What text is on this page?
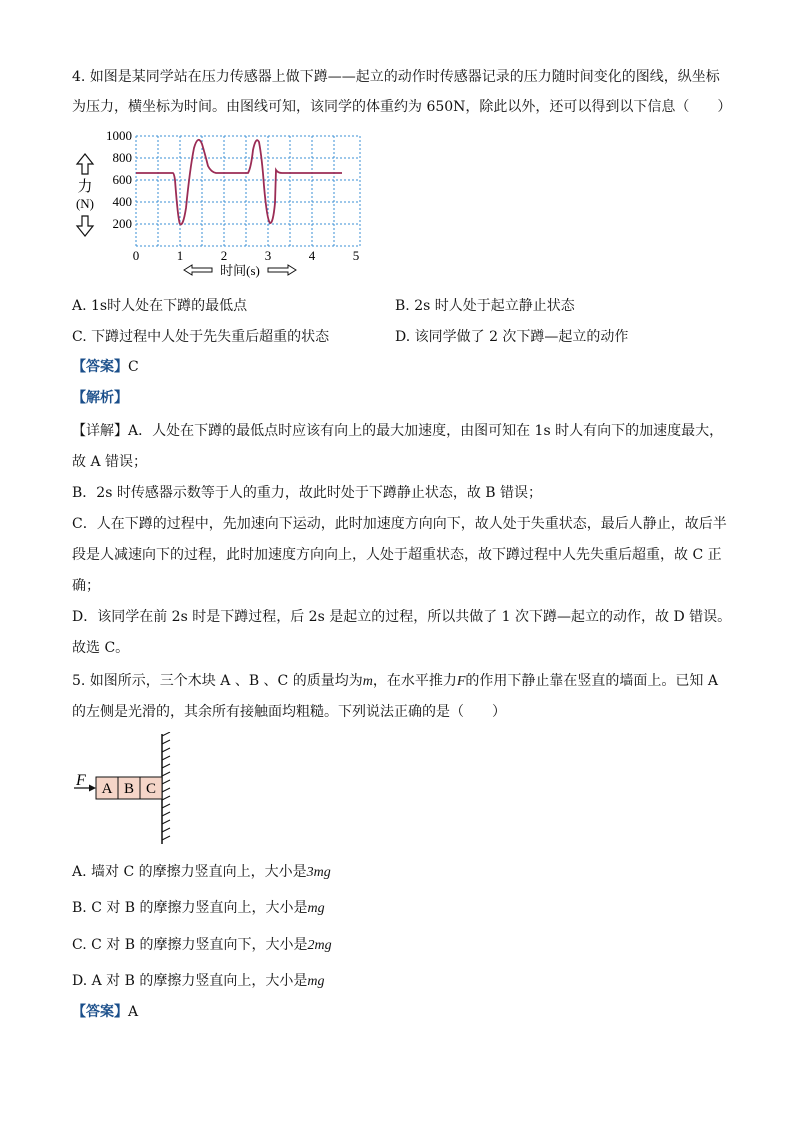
4. 如图是某同学站在压力传感器上做下蹲——起立的动作时传感器记录的压力随时间变化的图线，纵坐标
为压力，横坐标为时间。由图线可知，该同学的体重约为 650N，除此以外，还可以得到以下信息（　　）
1000
800
600
400
200
0	1	2	3	4	5
力
(N)
时间(s)
A. 1s时人处在下蹲的最低点	B. 2s 时人处于起立静止状态
C. 下蹲过程中人处于先失重后超重的状态	D. 该同学做了 2 次下蹲—起立的动作
【答案】C
【解析】
【详解】A．人处在下蹲的最低点时应该有向上的最大加速度，由图可知在 1s 时人有向下的加速度最大，
故 A 错误；
B．2s 时传感器示数等于人的重力，故此时处于下蹲静止状态，故 B 错误；
C．人在下蹲的过程中，先加速向下运动，此时加速度方向向下，故人处于失重状态，最后人静止，故后半
段是人减速向下的过程，此时加速度方向向上，人处于超重状态，故下蹲过程中人先失重后超重，故 C 正
确；
D．该同学在前 2s 时是下蹲过程，后 2s 是起立的过程，所以共做了 1 次下蹲—起立的动作，故 D 错误。
故选 C。
5. 如图所示，三个木块 A 、B 、C 的质量均为m，在水平推力F的作用下静止靠在竖直的墙面上。已知 A
的左侧是光滑的，其余所有接触面均粗糙。下列说法正确的是（　　）
A B C
F
A. 墙对 C 的摩擦力竖直向上，大小是3mg
B. C 对 B 的摩擦力竖直向上，大小是mg
C. C 对 B 的摩擦力竖直向下，大小是2mg
D. A 对 B 的摩擦力竖直向上，大小是mg
【答案】A
